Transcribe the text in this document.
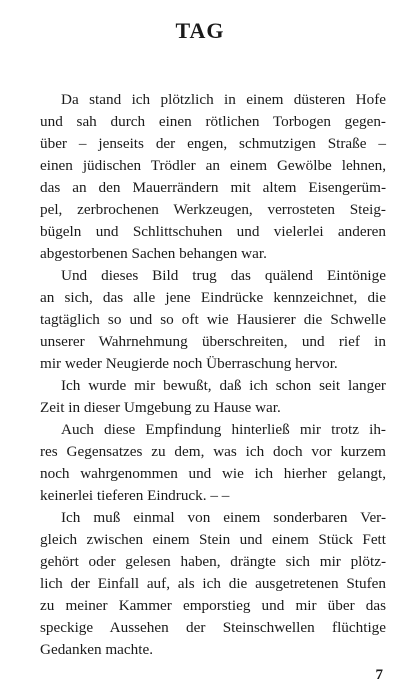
TAG

Da stand ich plötzlich in einem düsteren Hofe
und sah durch einen rötlichen Torbogen gegen-
über – jenseits der engen, schmutzigen Straße –
einen jüdischen Trödler an einem Gewölbe lehnen,
das an den Mauerrändern mit altem Eisengerüm-
pel, zerbrochenen Werkzeugen, verrosteten Steig-
bügeln und Schlittschuhen und vielerlei anderen
abgestorbenen Sachen behangen war.

Und dieses Bild trug das quälend Eintönige
an sich, das alle jene Eindrücke kennzeichnet, die
tagtäglich so und so oft wie Hausierer die Schwelle
unserer Wahrnehmung überschreiten, und rief in
mir weder Neugierde noch Überraschung hervor.

Ich wurde mir bewußt, daß ich schon seit langer
Zeit in dieser Umgebung zu Hause war.

Auch diese Empfindung hinterließ mir trotz ih-
res Gegensatzes zu dem, was ich doch vor kurzem
noch wahrgenommen und wie ich hierher gelangt,
keinerlei tieferen Eindruck. – –

Ich muß einmal von einem sonderbaren Ver-
gleich zwischen einem Stein und einem Stück Fett
gehört oder gelesen haben, drängte sich mir plötz-
lich der Einfall auf, als ich die ausgetretenen Stufen
zu meiner Kammer emporstieg und mir über das
speckige Aussehen der Steinschwellen flüchtige
Gedanken machte.

7
